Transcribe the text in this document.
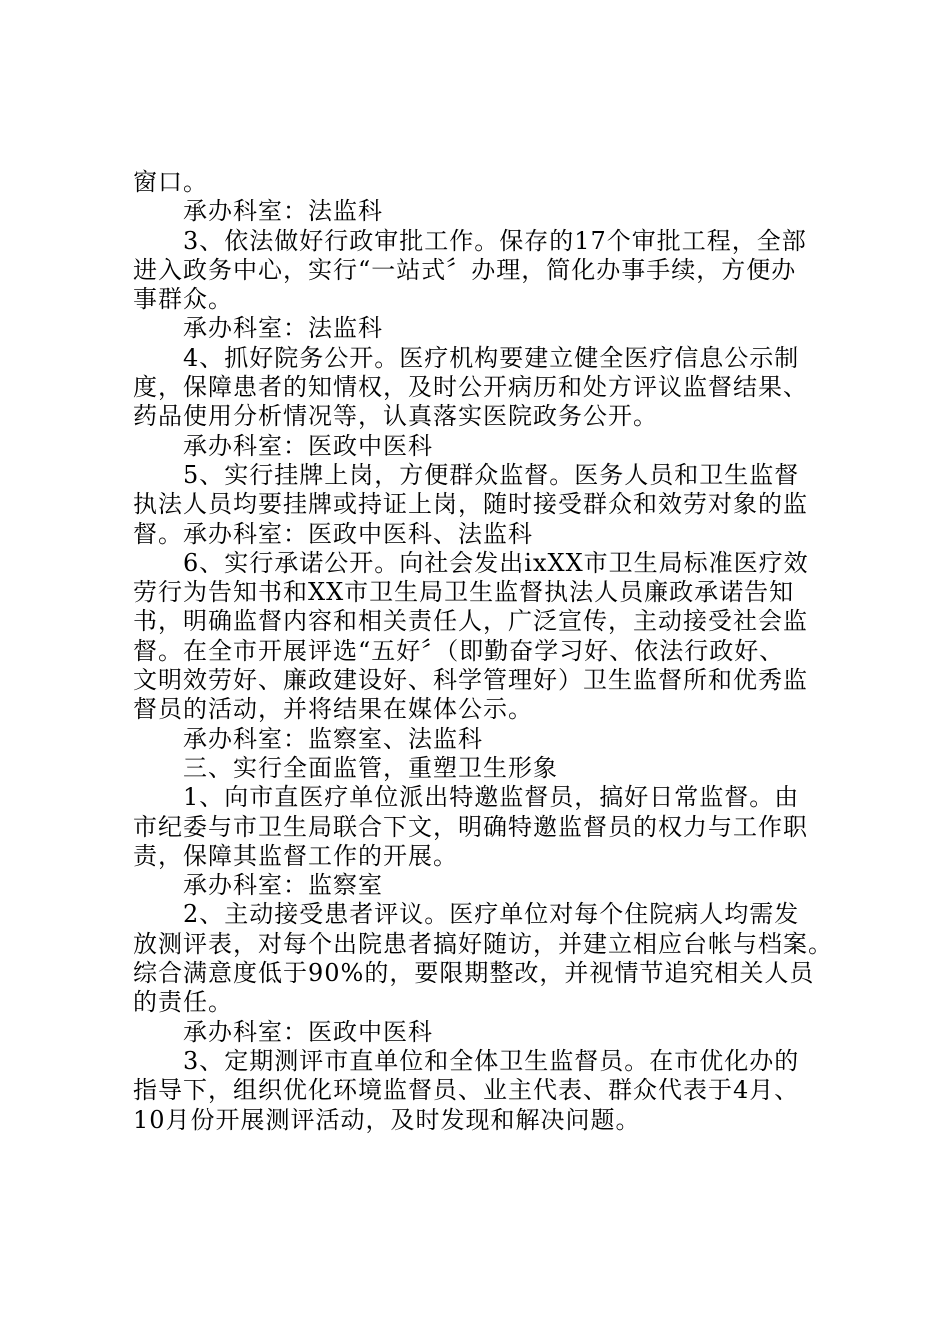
窗口。
承办科室：法监科
3、依法做好行政审批工作。保存的17个审批工程，全部
进入政务中心，实行“一站式〞办理，简化办事手续，方便办
事群众。
承办科室：法监科
4、抓好院务公开。医疗机构要建立健全医疗信息公示制
度，保障患者的知情权，及时公开病历和处方评议监督结果、
药品使用分析情况等，认真落实医院政务公开。
承办科室：医政中医科
5、实行挂牌上岗，方便群众监督。医务人员和卫生监督
执法人员均要挂牌或持证上岗，随时接受群众和效劳对象的监
督。承办科室：医政中医科、法监科
6、实行承诺公开。向社会发出ixXX市卫生局标准医疗效
劳行为告知书和XX市卫生局卫生监督执法人员廉政承诺告知
书，明确监督内容和相关责任人，广泛宣传，主动接受社会监
督。在全市开展评选“五好〞（即勤奋学习好、依法行政好、
文明效劳好、廉政建设好、科学管理好）卫生监督所和优秀监
督员的活动，并将结果在媒体公示。
承办科室：监察室、法监科
三、实行全面监管，重塑卫生形象
1、向市直医疗单位派出特邀监督员，搞好日常监督。由
市纪委与市卫生局联合下文，明确特邀监督员的权力与工作职
责，保障其监督工作的开展。
承办科室：监察室
2、主动接受患者评议。医疗单位对每个住院病人均需发
放测评表，对每个出院患者搞好随访，并建立相应台帐与档案。
综合满意度低于90%的，要限期整改，并视情节追究相关人员
的责任。
承办科室：医政中医科
3、定期测评市直单位和全体卫生监督员。在市优化办的
指导下，组织优化环境监督员、业主代表、群众代表于4月、
10月份开展测评活动，及时发现和解决问题。
